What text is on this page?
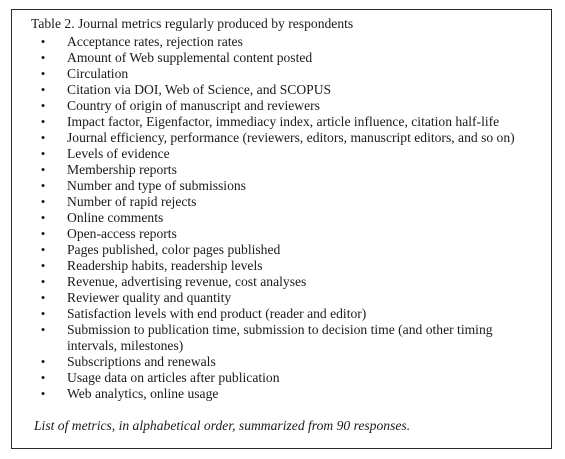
Table 2. Journal metrics regularly produced by respondents
•	Acceptance rates, rejection rates
•	Amount of Web supplemental content posted
•	Circulation
•	Citation via DOI, Web of Science, and SCOPUS
•	Country of origin of manuscript and reviewers
•	Impact factor, Eigenfactor, immediacy index, article influence, citation half-life
•	Journal efficiency, performance (reviewers, editors, manuscript editors, and so on)
•	Levels of evidence
•	Membership reports
•	Number and type of submissions
•	Number of rapid rejects
•	Online comments
•	Open-access reports
•	Pages published, color pages published
•	Readership habits, readership levels
•	Revenue, advertising revenue, cost analyses
•	Reviewer quality and quantity
•	Satisfaction levels with end product (reader and editor)
•	Submission to publication time, submission to decision time (and other timing intervals, milestones)
•	Subscriptions and renewals
•	Usage data on articles after publication
•	Web analytics, online usage
List of metrics, in alphabetical order, summarized from 90 responses.
